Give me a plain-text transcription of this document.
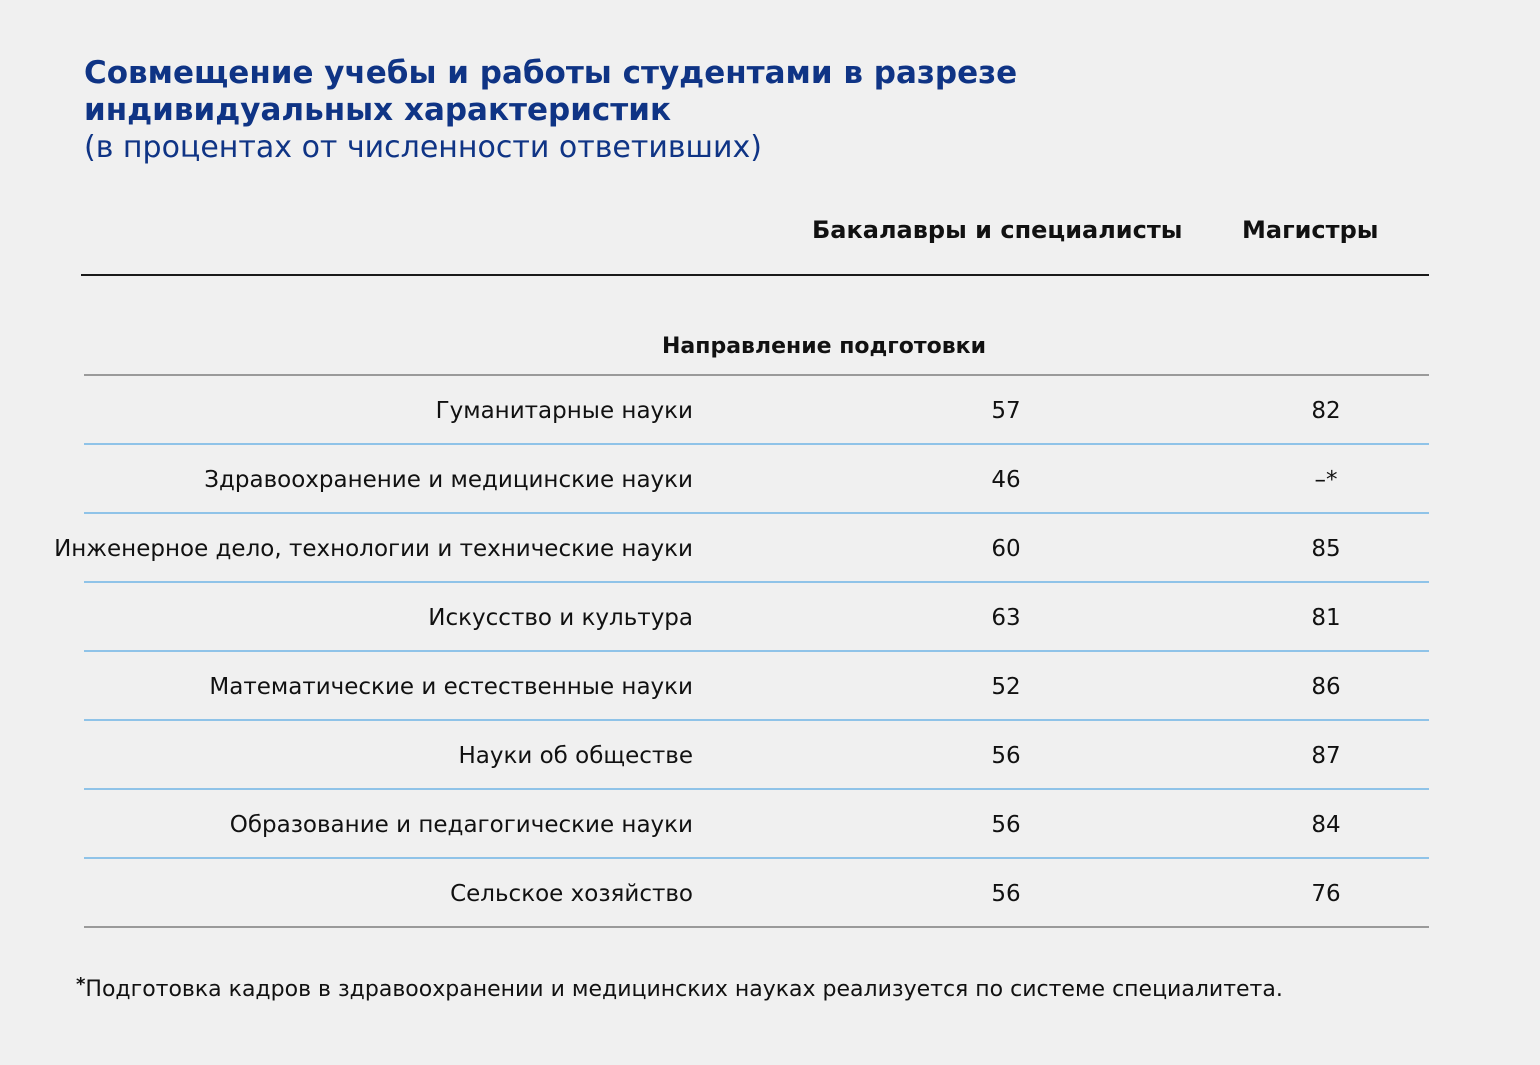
Совмещение учебы и работы студентами в разрезе
индивидуальных характеристик
(в процентах от численности ответивших)
Бакалавры и специалисты Магистры
Направление подготовки
Гуманитарные науки	57	82
Здравоохранение и медицинские науки	46	–*
Инженерное дело, технологии и технические науки	60	85
Искусство и культура	63	81
Математические и естественные науки	52	86
Науки об обществе	56	87
Образование и педагогические науки	56	84
Сельское хозяйство	56	76
*Подготовка кадров в здравоохранении и медицинских науках реализуется по системе специалитета.
